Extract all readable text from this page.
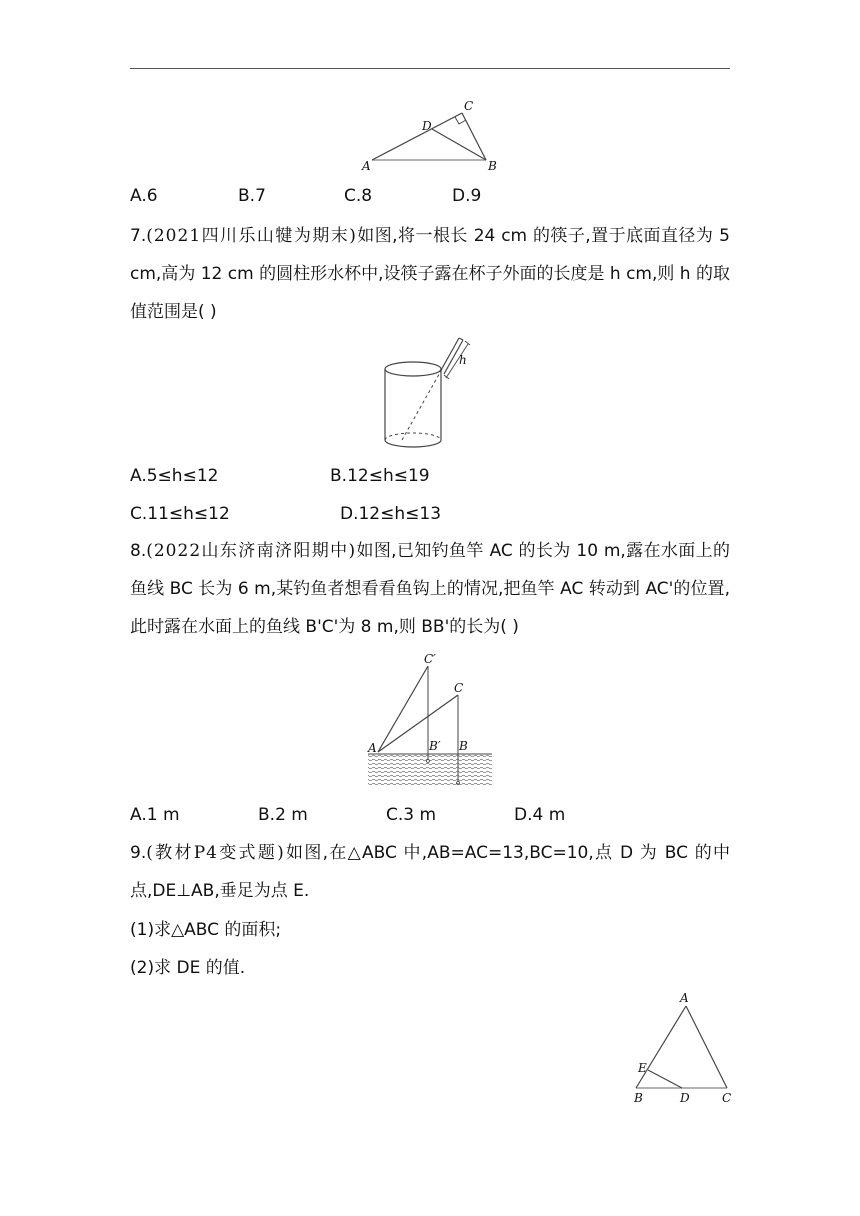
C
D
A	B
A.6	B.7	C.8	D.9
7.(2021四川乐山犍为期末)如图,将一根长 24 cm 的筷子,置于底面直径为 5 cm,高为 12 cm 的圆柱形水杯中,设筷子露在杯子外面的长度是 h cm,则 h 的取值范围是( )
h
A.5≤h≤12	B.12≤h≤19
C.11≤h≤12	D.12≤h≤13
8.(2022山东济南济阳期中)如图,已知钓鱼竿 AC 的长为 10 m,露在水面上的鱼线 BC 长为 6 m,某钓鱼者想看看鱼钩上的情况,把鱼竿 AC 转动到 AC'的位置,此时露在水面上的鱼线 B'C'为 8 m,则 BB'的长为( )
C′
C
A	B′ B
A.1 m	B.2 m	C.3 m	D.4 m
9.(教材P4变式题)如图,在△ABC 中,AB=AC=13,BC=10,点 D 为 BC 的中点,DE⊥AB,垂足为点 E.
(1)求△ABC 的面积;
(2)求 DE 的值.
A
E
B	D	C
